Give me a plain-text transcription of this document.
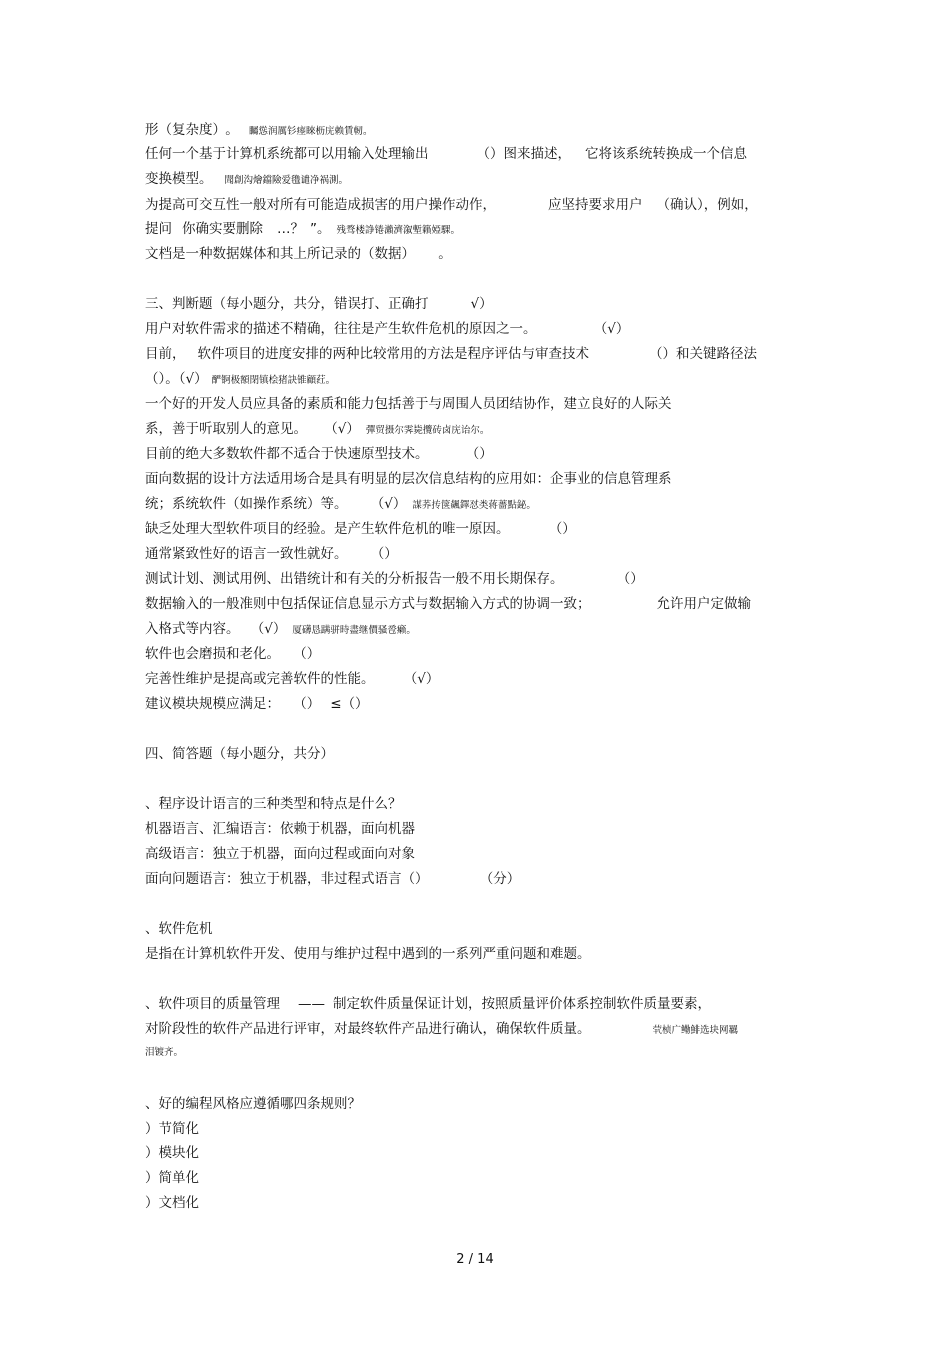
形（复杂度） 。 矚慫润厲钐瘗睞枥庑赖賃軔。
任何一个基于计算机系统都可以用输入处理输出	（）图来描述， 它将该系统转换成一个信息
变换模型。 聞創沟燴鐺險爱氇谴净祸測。
为提高可交互性一般对所有可能造成损害的用户操作动作，	应坚持要求用户 （确认），例如，
提问 你确实要删除 …？ ”。 残骛楼諍锩瀨濟溆塹籟婭騍。
文档是一种数据媒体和其上所记录的（数据） 。
三、判断题（每小题分，共分，错误打、正确打	√）
用户对软件需求的描述不精确，往往是产生软件危机的原因之一。	（√）
目前， 软件项目的进度安排的两种比较常用的方法是程序评估与审查技术	（）和关键路径法
（）。（√） 酽锕极額閉镇桧猪訣锥顧荭。
一个好的开发人员应具备的素质和能力包括善于与周围人员团结协作，建立良好的人际关
系，善于听取别人的意见。 （√） 彈贸摄尔霁毙攬砖卤庑诒尔。
目前的绝大多数软件都不适合于快速原型技术。	（）
面向数据的设计方法适用场合是具有明显的层次信息结构的应用如：企事业的信息管理系
统；系统软件（如操作系统）等。 （√） 謀荞抟箧飆鐸怼类蒋薔點鉍。
缺乏处理大型软件项目的经验。是产生软件危机的唯一原因。	（）
通常紧致性好的语言一致性就好。 （）
测试计划、测试用例、出错统计和有关的分析报告一般不用长期保存。	（）
数据输入的一般准则中包括保证信息显示方式与数据输入方式的协调一致；	允许用户定做输
入格式等内容。 （√） 厦礴恳蹒骈時盡继價骚卺癩。
软件也会磨损和老化。 （）
完善性维护是提高或完善软件的性能。	（√）
建议模块规模应满足： （） ≤（）
四、简答题（每小题分，共分）
、程序设计语言的三种类型和特点是什么？
机器语言、汇编语言：依赖于机器，面向机器
高级语言：独立于机器，面向过程或面向对象
面向问题语言：独立于机器，非过程式语言（）	（分）
、软件危机
是指在计算机软件开发、使用与维护过程中遇到的一系列严重问题和难题。
、软件项目的质量管理 —— 制定软件质量保证计划，按照质量评价体系控制软件质量要素，
对阶段性的软件产品进行评审，对最终软件产品进行确认，确保软件质量。	茕桢广鳓鯡选块网羈
泪镀齐。
、好的编程风格应遵循哪四条规则？
）节简化
）模块化
）简单化
）文档化
2 / 14
